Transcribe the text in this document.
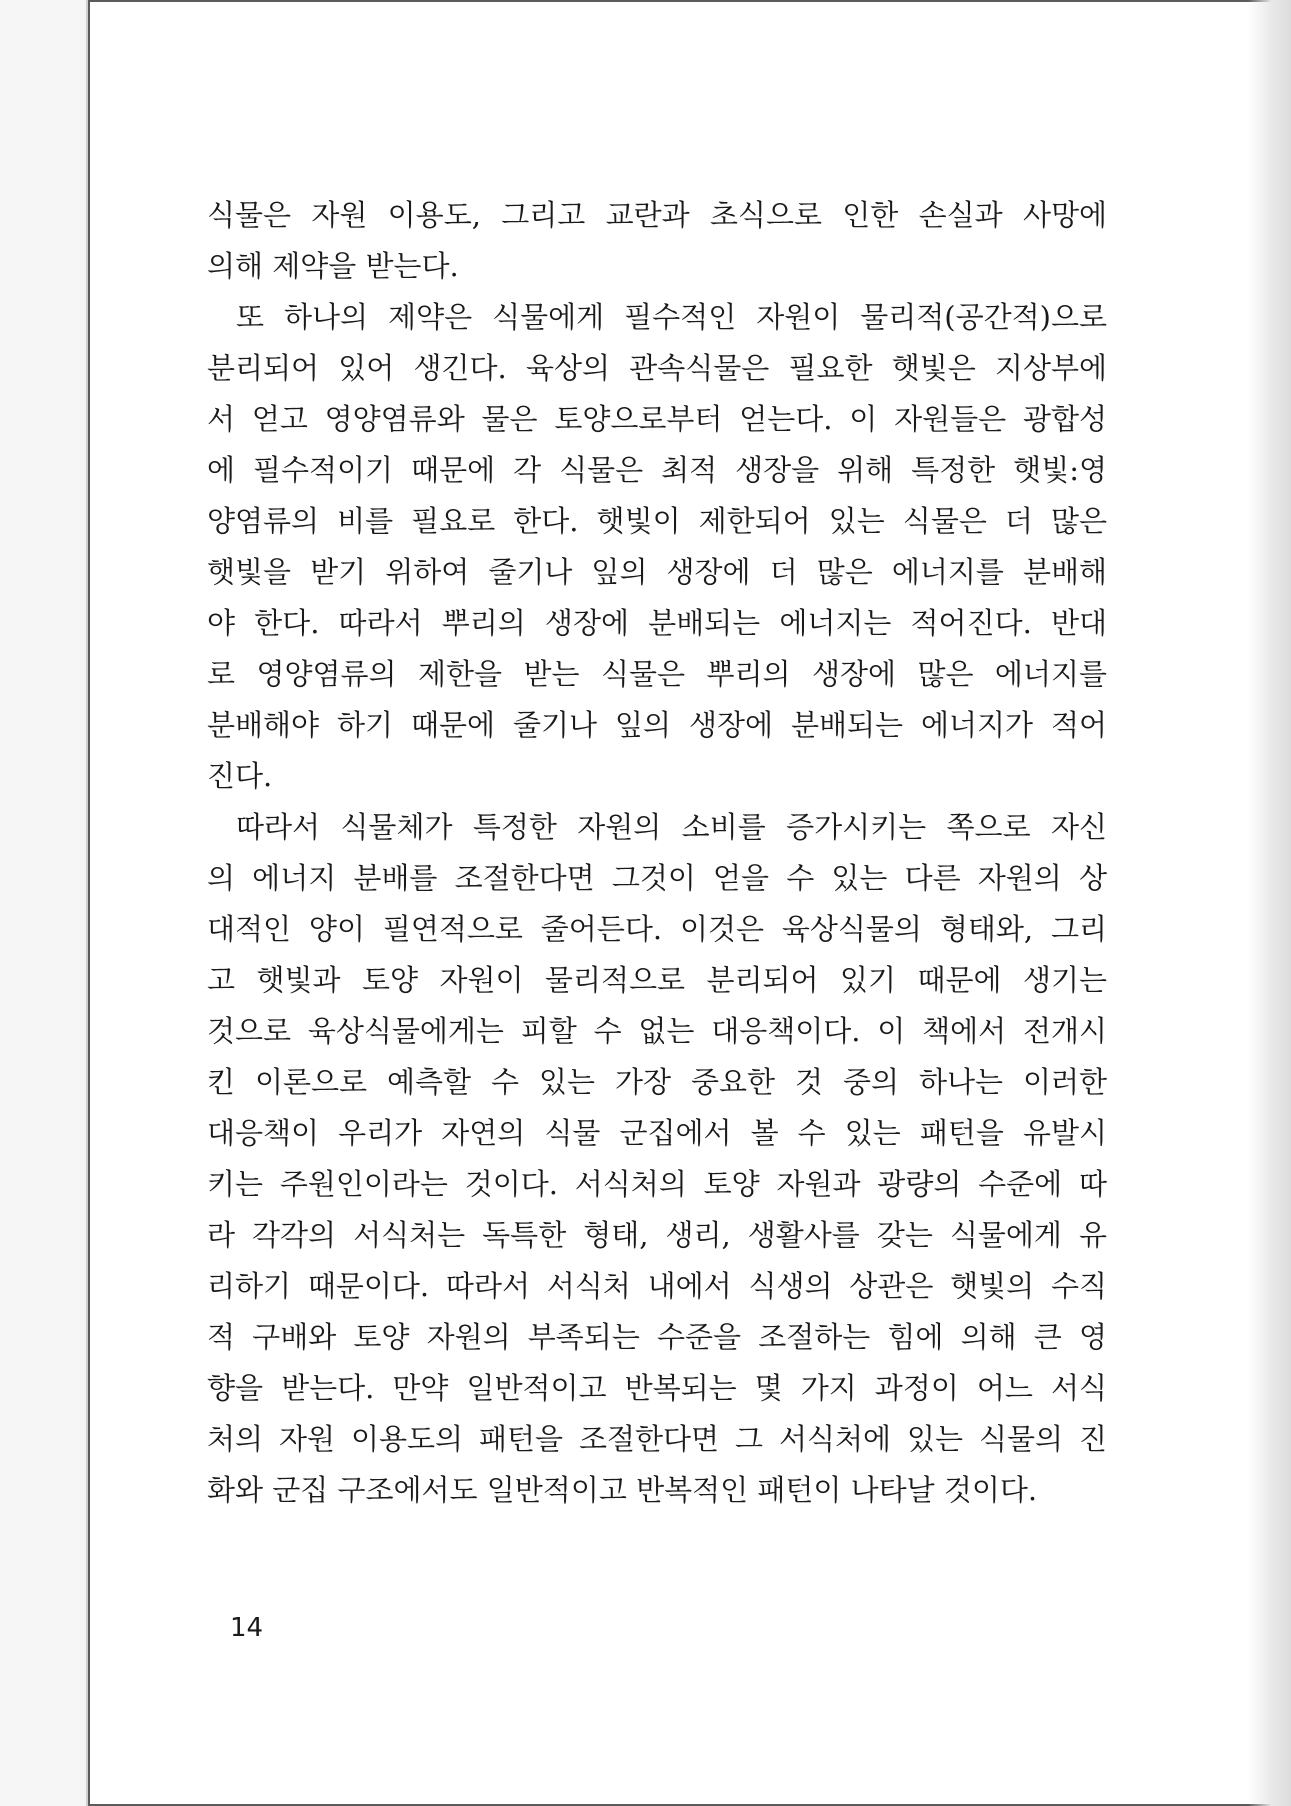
식물은 자원 이용도, 그리고 교란과 초식으로 인한 손실과 사망에
의해 제약을 받는다.
또 하나의 제약은 식물에게 필수적인 자원이 물리적(공간적)으로
분리되어 있어 생긴다. 육상의 관속식물은 필요한 햇빛은 지상부에
서 얻고 영양염류와 물은 토양으로부터 얻는다. 이 자원들은 광합성
에 필수적이기 때문에 각 식물은 최적 생장을 위해 특정한 햇빛:영
양염류의 비를 필요로 한다. 햇빛이 제한되어 있는 식물은 더 많은
햇빛을 받기 위하여 줄기나 잎의 생장에 더 많은 에너지를 분배해
야 한다. 따라서 뿌리의 생장에 분배되는 에너지는 적어진다. 반대
로 영양염류의 제한을 받는 식물은 뿌리의 생장에 많은 에너지를
분배해야 하기 때문에 줄기나 잎의 생장에 분배되는 에너지가 적어
진다.
따라서 식물체가 특정한 자원의 소비를 증가시키는 쪽으로 자신
의 에너지 분배를 조절한다면 그것이 얻을 수 있는 다른 자원의 상
대적인 양이 필연적으로 줄어든다. 이것은 육상식물의 형태와, 그리
고 햇빛과 토양 자원이 물리적으로 분리되어 있기 때문에 생기는
것으로 육상식물에게는 피할 수 없는 대응책이다. 이 책에서 전개시
킨 이론으로 예측할 수 있는 가장 중요한 것 중의 하나는 이러한
대응책이 우리가 자연의 식물 군집에서 볼 수 있는 패턴을 유발시
키는 주원인이라는 것이다. 서식처의 토양 자원과 광량의 수준에 따
라 각각의 서식처는 독특한 형태, 생리, 생활사를 갖는 식물에게 유
리하기 때문이다. 따라서 서식처 내에서 식생의 상관은 햇빛의 수직
적 구배와 토양 자원의 부족되는 수준을 조절하는 힘에 의해 큰 영
향을 받는다. 만약 일반적이고 반복되는 몇 가지 과정이 어느 서식
처의 자원 이용도의 패턴을 조절한다면 그 서식처에 있는 식물의 진
화와 군집 구조에서도 일반적이고 반복적인 패턴이 나타날 것이다.
14
